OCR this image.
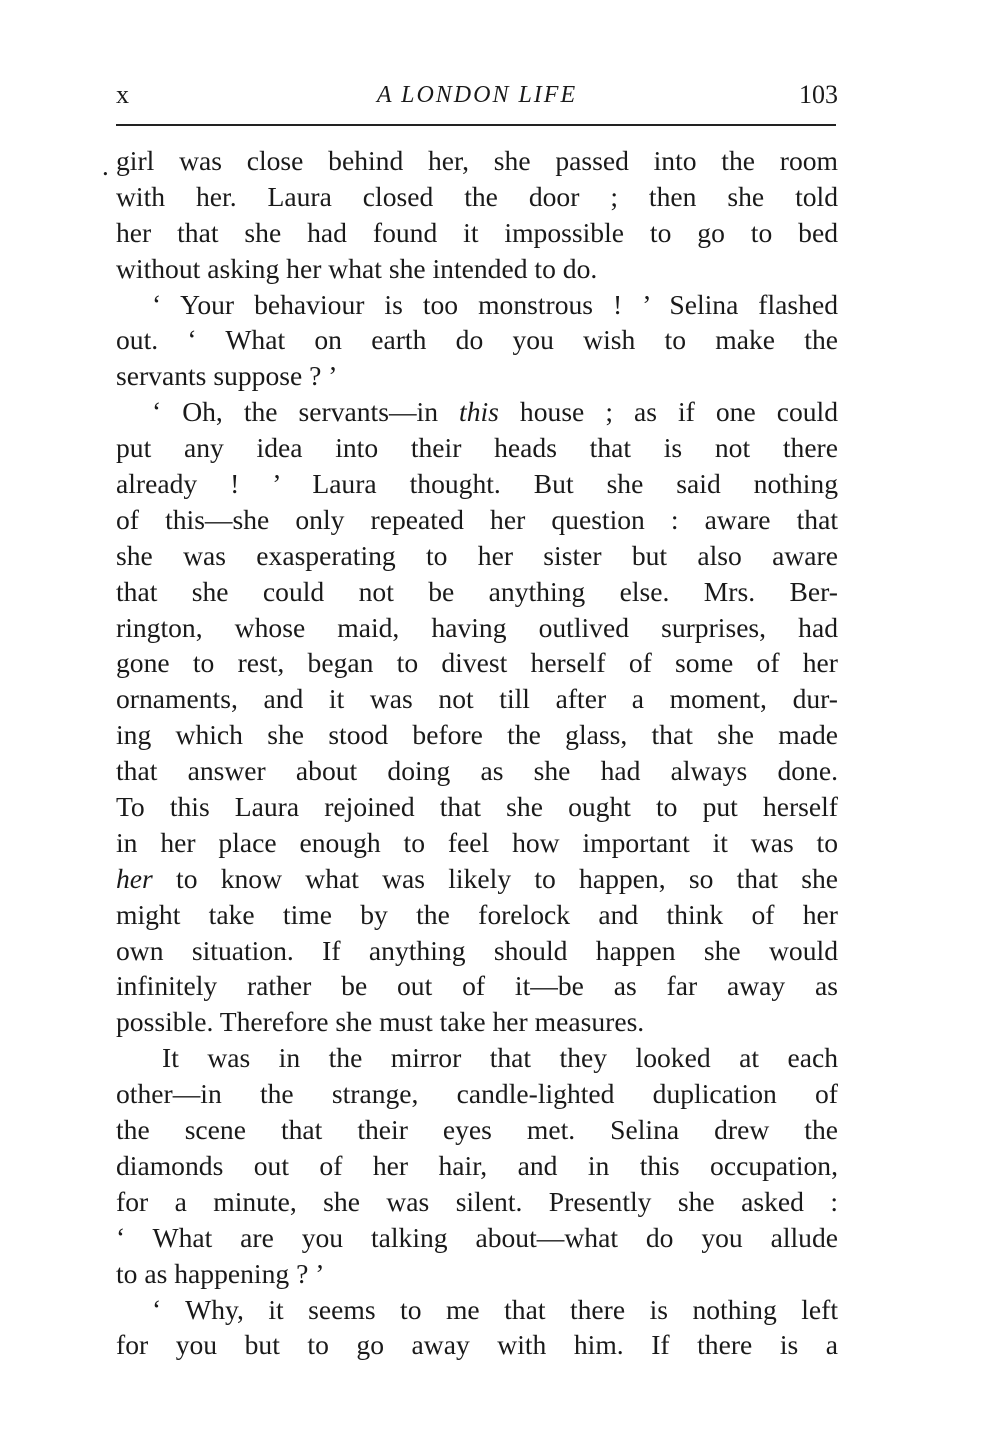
x	A LONDON LIFE	103
. girl was close behind her, she passed into the room
with her. Laura closed the door ; then she told
her that she had found it impossible to go to bed
without asking her what she intended to do.
‘ Your behaviour is too monstrous ! ’ Selina flashed
out. ‘ What on earth do you wish to make the
servants suppose ? ’
‘ Oh, the servants—in this house ; as if one could
put any idea into their heads that is not there
already ! ’ Laura thought. But she said nothing
of this—she only repeated her question : aware that
she was exasperating to her sister but also aware
that she could not be anything else. Mrs. Ber-
rington, whose maid, having outlived surprises, had
gone to rest, began to divest herself of some of her
ornaments, and it was not till after a moment, dur-
ing which she stood before the glass, that she made
that answer about doing as she had always done.
To this Laura rejoined that she ought to put herself
in her place enough to feel how important it was to
her to know what was likely to happen, so that she
might take time by the forelock and think of her
own situation. If anything should happen she would
infinitely rather be out of it—be as far away as
possible. Therefore she must take her measures.
It was in the mirror that they looked at each
other—in the strange, candle-lighted duplication of
the scene that their eyes met. Selina drew the
diamonds out of her hair, and in this occupation,
for a minute, she was silent. Presently she asked :
‘ What are you talking about—what do you allude
to as happening ? ’
‘ Why, it seems to me that there is nothing left
for you but to go away with him. If there is a
